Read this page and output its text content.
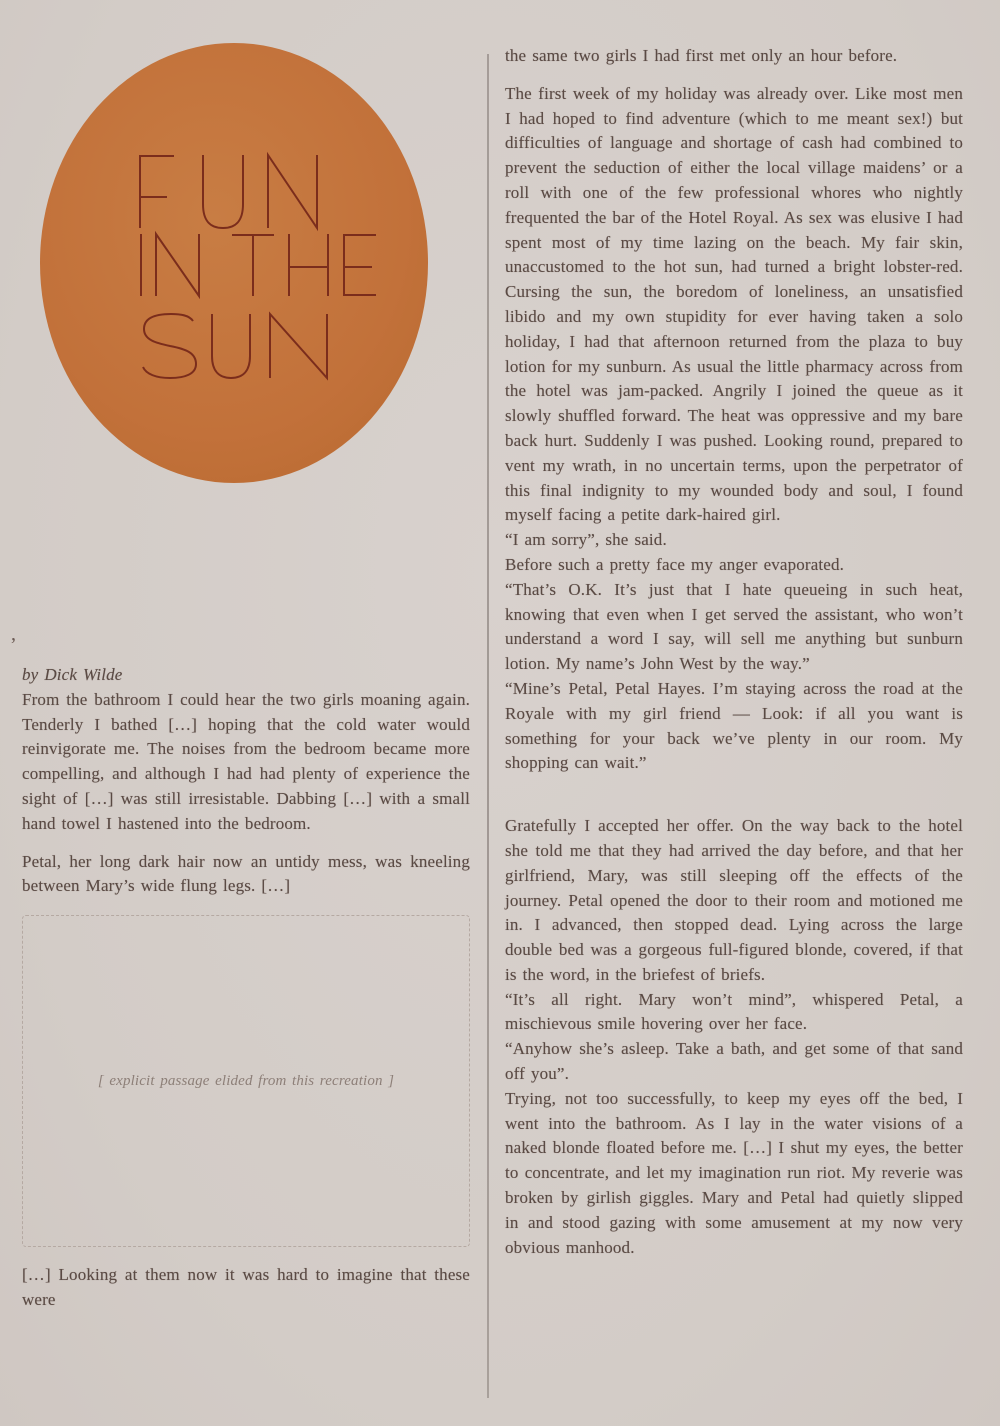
’

by Dick Wilde

From the bathroom I could hear the two girls moaning again. Tenderly I bathed […] hoping that the cold water would reinvigorate me. The noises from the bedroom became more compelling, and although I had had plenty of experience the sight of […] was still irresistable. Dabbing […] with a small hand towel I hastened into the bedroom.

Petal, her long dark hair now an untidy mess, was kneeling between Mary’s wide flung legs. […]

[ explicit passage elided from this recreation ]

[…] Looking at them now it was hard to imagine that these were

the same two girls I had first met only an hour before.

The first week of my holiday was already over. Like most men I had hoped to find adventure (which to me meant sex!) but difficulties of language and shortage of cash had combined to prevent the seduction of either the local village maidens’ or a roll with one of the few professional whores who nightly frequented the bar of the Hotel Royal. As sex was elusive I had spent most of my time lazing on the beach. My fair skin, unaccustomed to the hot sun, had turned a bright lobster-red. Cursing the sun, the boredom of loneliness, an unsatisfied libido and my own stupidity for ever having taken a solo holiday, I had that afternoon returned from the plaza to buy lotion for my sunburn. As usual the little pharmacy across from the hotel was jam-packed. Angrily I joined the queue as it slowly shuffled forward. The heat was oppressive and my bare back hurt. Suddenly I was pushed. Looking round, prepared to vent my wrath, in no uncertain terms, upon the perpetrator of this final indignity to my wounded body and soul, I found myself facing a petite dark-haired girl.

“I am sorry”, she said.

Before such a pretty face my anger evaporated.

“That’s O.K. It’s just that I hate queueing in such heat, knowing that even when I get served the assistant, who won’t understand a word I say, will sell me anything but sunburn lotion. My name’s John West by the way.”

“Mine’s Petal, Petal Hayes. I’m staying across the road at the Royale with my girl friend — Look: if all you want is something for your back we’ve plenty in our room. My shopping can wait.”

Gratefully I accepted her offer. On the way back to the hotel she told me that they had arrived the day before, and that her girlfriend, Mary, was still sleeping off the effects of the journey. Petal opened the door to their room and motioned me in. I advanced, then stopped dead. Lying across the large double bed was a gorgeous full-figured blonde, covered, if that is the word, in the briefest of briefs.

“It’s all right. Mary won’t mind”, whispered Petal, a mischievous smile hovering over her face.

“Anyhow she’s asleep. Take a bath, and get some of that sand off you”.

Trying, not too successfully, to keep my eyes off the bed, I went into the bathroom. As I lay in the water visions of a naked blonde floated before me. […] I shut my eyes, the better to concentrate, and let my imagination run riot. My reverie was broken by girlish giggles. Mary and Petal had quietly slipped in and stood gazing with some amusement at my now very obvious manhood.
